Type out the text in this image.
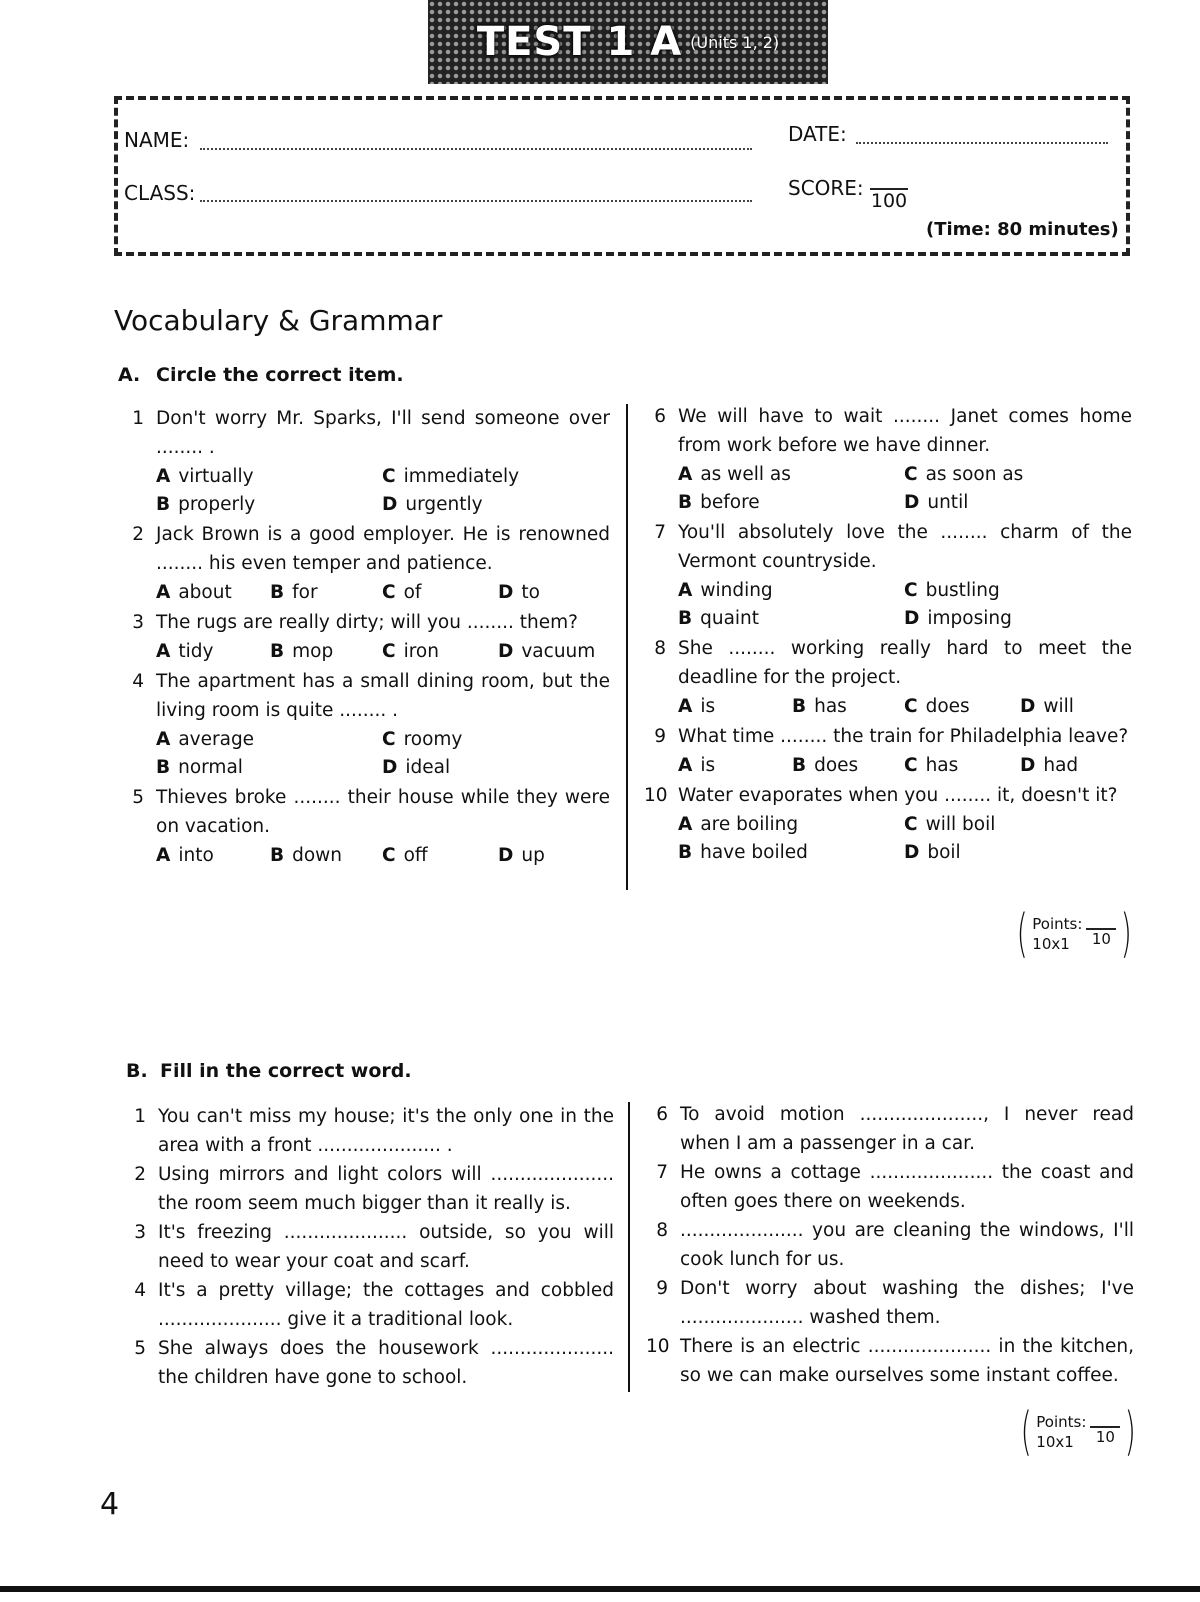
TEST 1 A (Units 1, 2)
NAME:	DATE:
CLASS:	SCORE:
100
(Time: 80 minutes)
Vocabulary & Grammar
A. Circle the correct item.
1 Don't worry Mr. Sparks, I'll send someone over ........ .
A virtually	C immediately
B properly	D urgently
2 Jack Brown is a good employer. He is renowned ........ his even temper and patience.
A about B for	C of	D to
3 The rugs are really dirty; will you ........ them?
A tidy	B mop	C iron	D vacuum
4 The apartment has a small dining room, but the living room is quite ........ .
A average	C roomy
B normal	D ideal
5 Thieves broke ........ their house while they were on vacation.
A into	B down C off	D up
6 We will have to wait ........ Janet comes home from work before we have dinner.
A as well as	C as soon as
B before	D until
7 You'll absolutely love the ........ charm of the Vermont countryside.
A winding	C bustling
B quaint	D imposing
8 She ........ working really hard to meet the deadline for the project.
A is	B has	C does	D will
9 What time ........ the train for Philadelphia leave?
A is	B does C has	D had
10 Water evaporates when you ........ it, doesn't it?
A are boiling	C will boil
B have boiled	D boil
( Points:
10x1	10 )
B. Fill in the correct word.
1 You can't miss my house; it's the only one in the area with a front ..................... .
2 Using mirrors and light colors will ..................... the room seem much bigger than it really is.
3 It's freezing ..................... outside, so you will need to wear your coat and scarf.
4 It's a pretty village; the cottages and cobbled ..................... give it a traditional look.
5 She always does the housework ..................... the children have gone to school.
6 To avoid motion ....................., I never read when I am a passenger in a car.
7 He owns a cottage ..................... the coast and often goes there on weekends.
8 ..................... you are cleaning the windows, I'll cook lunch for us.
9 Don't worry about washing the dishes; I've ..................... washed them.
10 There is an electric ..................... in the kitchen, so we can make ourselves some instant coffee.
( Points:
10x1	10 )
4
